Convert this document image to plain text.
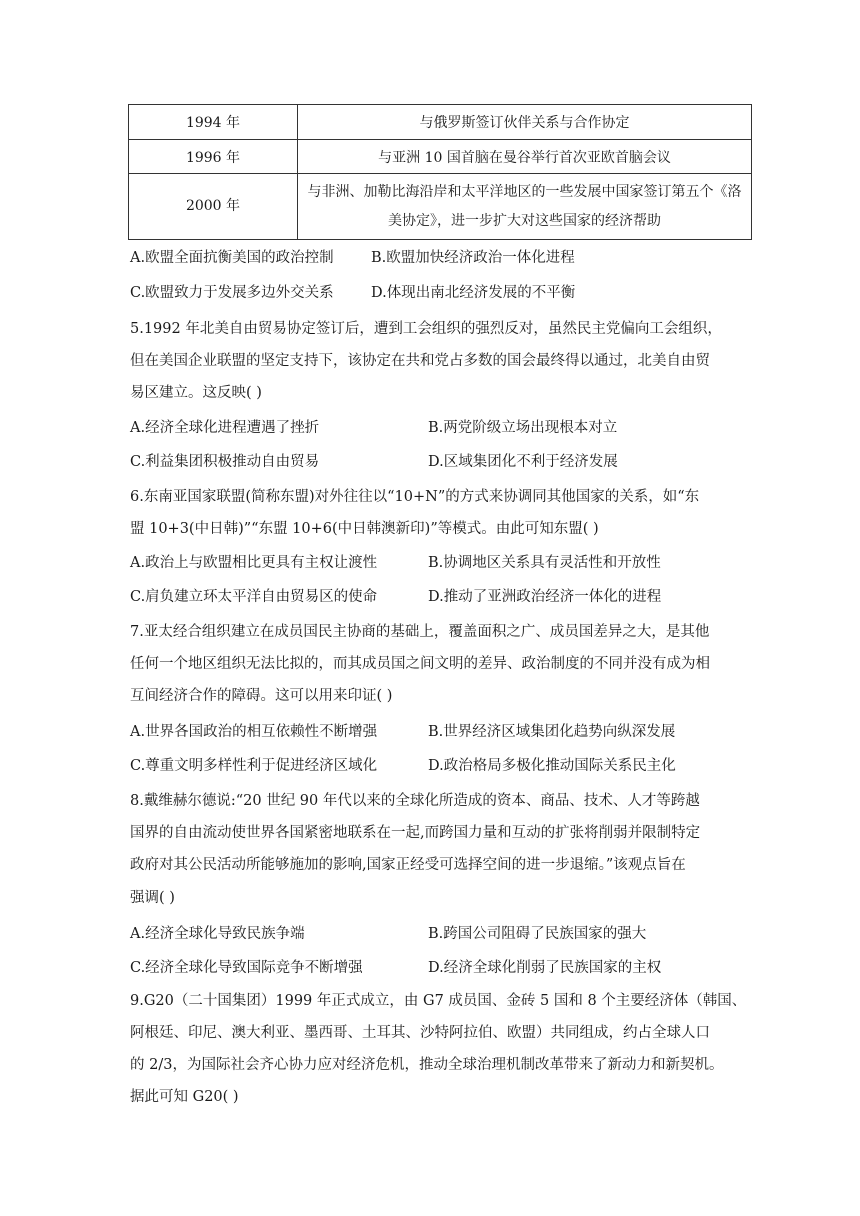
1994 年	与俄罗斯签订伙伴关系与合作协定
1996 年	与亚洲 10 国首脑在曼谷举行首次亚欧首脑会议
2000 年	与非洲、加勒比海沿岸和太平洋地区的一些发展中国家签订第五个《洛
美协定》，进一步扩大对这些国家的经济帮助
A.欧盟全面抗衡美国的政治控制	B.欧盟加快经济政治一体化进程
C.欧盟致力于发展多边外交关系	D.体现出南北经济发展的不平衡
5.1992 年北美自由贸易协定签订后，遭到工会组织的强烈反对，虽然民主党偏向工会组织，
但在美国企业联盟的坚定支持下，该协定在共和党占多数的国会最终得以通过，北美自由贸
易区建立。这反映( )
A.经济全球化进程遭遇了挫折	B.两党阶级立场出现根本对立
C.利益集团积极推动自由贸易	D.区域集团化不利于经济发展
6.东南亚国家联盟(简称东盟)对外往往以“10+N”的方式来协调同其他国家的关系，如“东
盟 10+3(中日韩)”“东盟 10+6(中日韩澳新印)”等模式。由此可知东盟( )
A.政治上与欧盟相比更具有主权让渡性	B.协调地区关系具有灵活性和开放性
C.肩负建立环太平洋自由贸易区的使命	D.推动了亚洲政治经济一体化的进程
7.亚太经合组织建立在成员国民主协商的基础上，覆盖面积之广、成员国差异之大，是其他
任何一个地区组织无法比拟的，而其成员国之间文明的差异、政治制度的不同并没有成为相
互间经济合作的障碍。这可以用来印证( )
A.世界各国政治的相互依赖性不断增强	B.世界经济区域集团化趋势向纵深发展
C.尊重文明多样性利于促进经济区域化	D.政治格局多极化推动国际关系民主化
8.戴维赫尔德说:“20 世纪 90 年代以来的全球化所造成的资本、商品、技术、人才等跨越
国界的自由流动使世界各国紧密地联系在一起,而跨国力量和互动的扩张将削弱并限制特定
政府对其公民活动所能够施加的影响,国家正经受可选择空间的进一步退缩。”该观点旨在
强调( )
A.经济全球化导致民族争端	B.跨国公司阻碍了民族国家的强大
C.经济全球化导致国际竞争不断增强	D.经济全球化削弱了民族国家的主权
9.G20（二十国集团）1999 年正式成立，由 G7 成员国、金砖 5 国和 8 个主要经济体（韩国、
阿根廷、印尼、澳大利亚、墨西哥、土耳其、沙特阿拉伯、欧盟）共同组成，约占全球人口
的 2/3，为国际社会齐心协力应对经济危机，推动全球治理机制改革带来了新动力和新契机。
据此可知 G20( )
